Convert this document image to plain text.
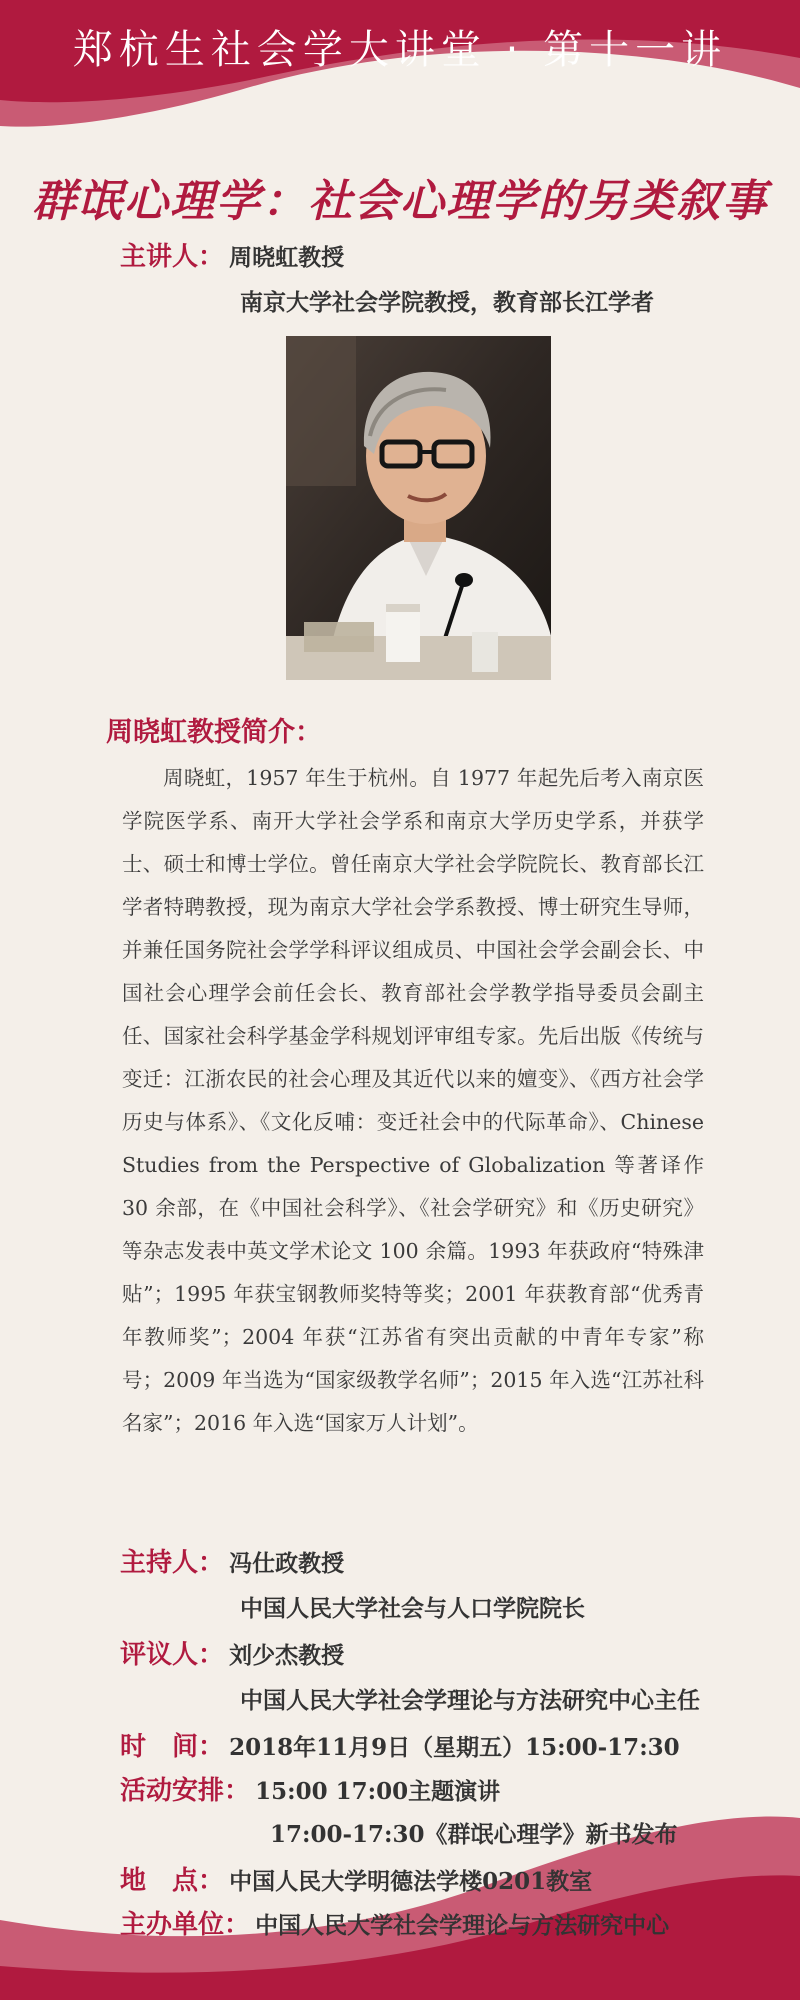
郑杭生社会学大讲堂 · 第十一讲
群氓心理学：社会心理学的另类叙事
主讲人： 周晓虹教授
南京大学社会学院教授，教育部长江学者
周晓虹教授简介：
周晓虹，1957 年生于杭州。自 1977 年起先后考入南京医学院医学系、南开大学社会学系和南京大学历史学系，并获学士、硕士和博士学位。曾任南京大学社会学院院长、教育部长江学者特聘教授，现为南京大学社会学系教授、博士研究生导师，并兼任国务院社会学学科评议组成员、中国社会学会副会长、中国社会心理学会前任会长、教育部社会学教学指导委员会副主任、国家社会科学基金学科规划评审组专家。先后出版《传统与变迁：江浙农民的社会心理及其近代以来的嬗变》、《西方社会学历史与体系》、《文化反哺：变迁社会中的代际革命》、Chinese Studies from the Perspective of Globalization 等著译作 30 余部，在《中国社会科学》、《社会学研究》和《历史研究》等杂志发表中英文学术论文 100 余篇。1993 年获政府“特殊津贴”；1995 年获宝钢教师奖特等奖；2001 年获教育部“优秀青年教师奖”；2004 年获“江苏省有突出贡献的中青年专家”称号；2009 年当选为“国家级教学名师”；2015 年入选“江苏社科名家”；2016 年入选“国家万人计划”。
主持人： 冯仕政教授
中国人民大学社会与人口学院院长
评议人： 刘少杰教授
中国人民大学社会学理论与方法研究中心主任
时　间： 2018年11月9日（星期五）15:00-17:30
活动安排： 15:00 17:00主题演讲
17:00-17:30《群氓心理学》新书发布
地　点： 中国人民大学明德法学楼0201教室
主办单位： 中国人民大学社会学理论与方法研究中心
